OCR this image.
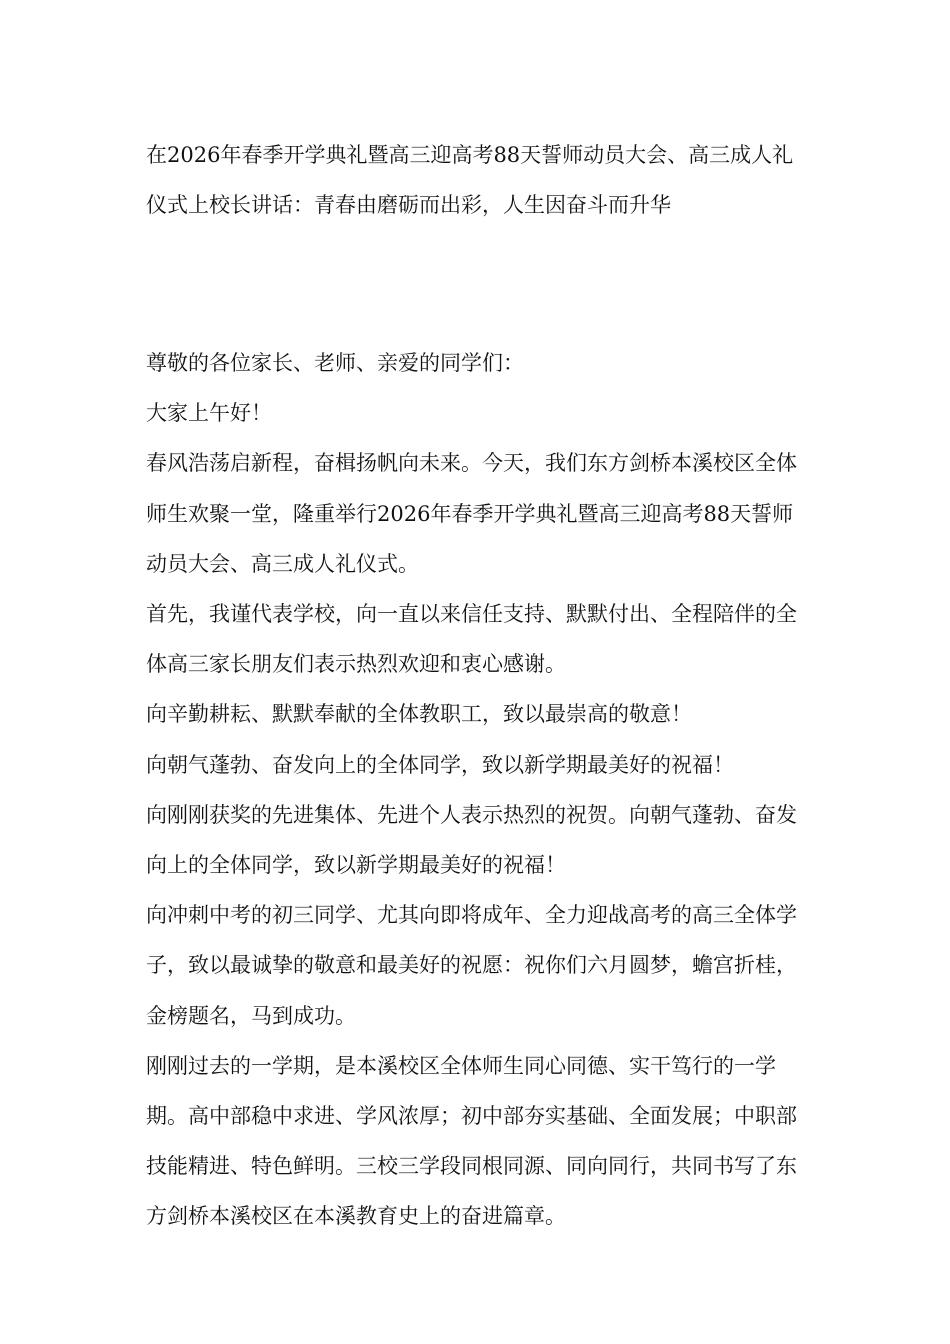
在2026年春季开学典礼暨高三迎高考88天誓师动员大会、高三成人礼仪式上校长讲话：青春由磨砺而出彩，人生因奋斗而升华

尊敬的各位家长、老师、亲爱的同学们：

大家上午好！

春风浩荡启新程，奋楫扬帆向未来。今天，我们东方剑桥本溪校区全体师生欢聚一堂，隆重举行2026年春季开学典礼暨高三迎高考88天誓师动员大会、高三成人礼仪式。

首先，我谨代表学校，向一直以来信任支持、默默付出、全程陪伴的全体高三家长朋友们表示热烈欢迎和衷心感谢。

向辛勤耕耘、默默奉献的全体教职工，致以最崇高的敬意！

向朝气蓬勃、奋发向上的全体同学，致以新学期最美好的祝福！

向刚刚获奖的先进集体、先进个人表示热烈的祝贺。向朝气蓬勃、奋发向上的全体同学，致以新学期最美好的祝福！

向冲刺中考的初三同学、尤其向即将成年、全力迎战高考的高三全体学子，致以最诚挚的敬意和最美好的祝愿：祝你们六月圆梦，蟾宫折桂，金榜题名，马到成功。

刚刚过去的一学期，是本溪校区全体师生同心同德、实干笃行的一学期。高中部稳中求进、学风浓厚；初中部夯实基础、全面发展；中职部技能精进、特色鲜明。三校三学段同根同源、同向同行，共同书写了东方剑桥本溪校区在本溪教育史上的奋进篇章。
